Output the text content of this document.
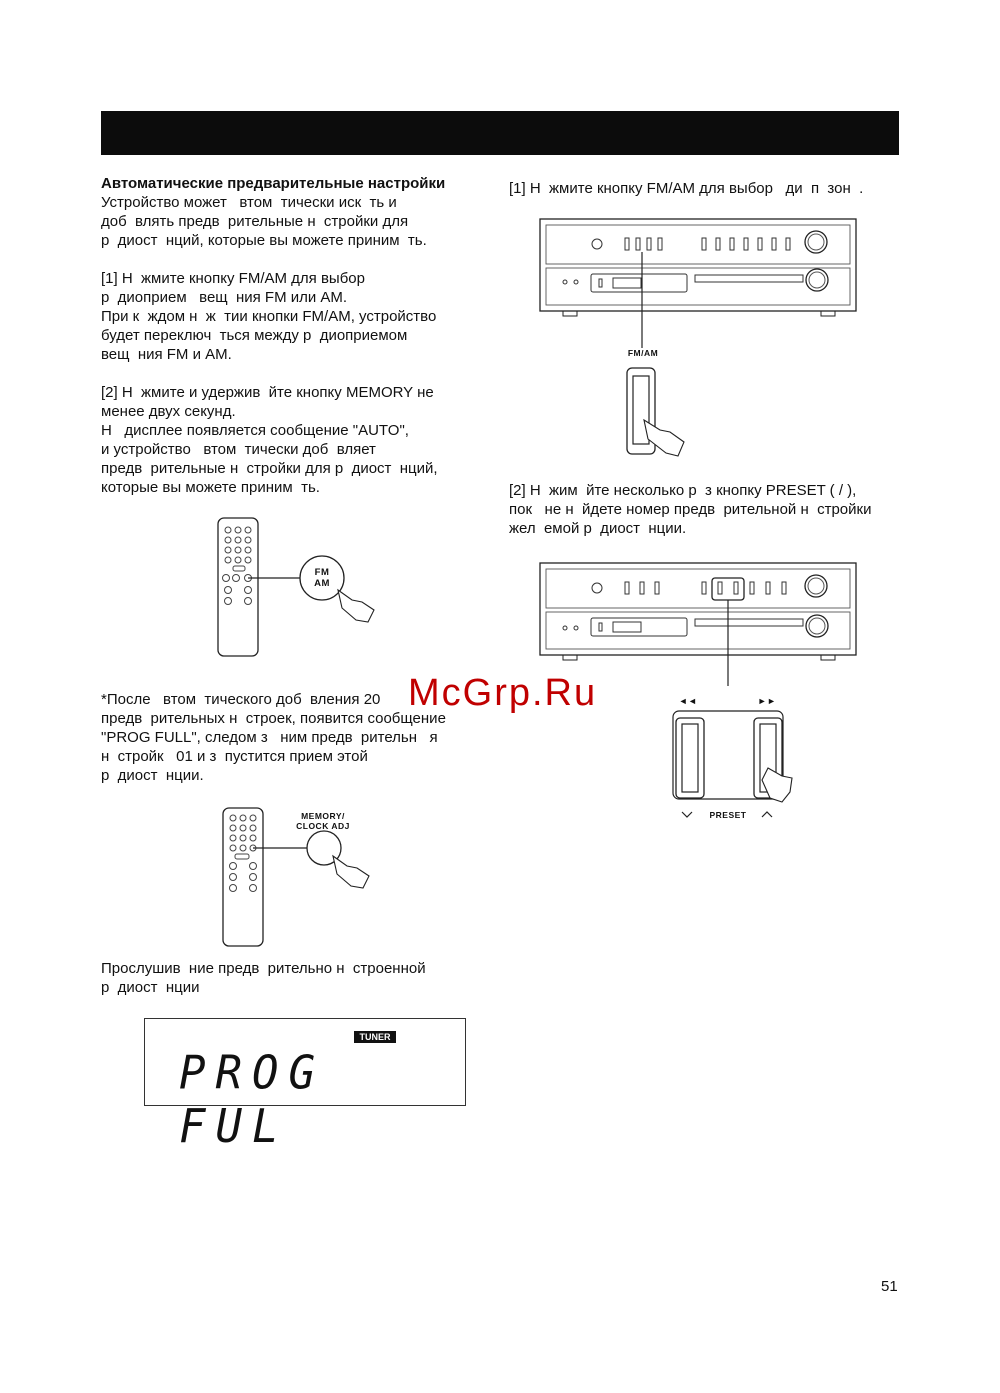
Автоматические предварительные настройки
Устройство может   втом  тически иск  ть и
доб  влять предв  рительные н  стройки для
р  диост  нций, которые вы можете приним  ть.
[1] Н  жмите кнопку FM/AM для выбор
р  диоприем   вещ  ния FM или AM.
При к  ждом н  ж  тии кнопки FM/AM, устройство
будет переключ  ться между р  диоприемом
вещ  ния FM и AM.
[2] Н  жмите и удержив  йте кнопку MEMORY не
менее двух секунд.
Н   дисплее появляется сообщение "AUTO",
и устройство   втом  тически доб  вляет
предв  рительные н  стройки для р  диост  нций,
которые вы можете приним  ть.
FM
AM
*После   втом  тического доб  вления 20
предв  рительных н  строек, появится сообщение
"PROG FULL", следом з   ним предв  рительн   я
н  стройк   01 и з  пустится прием этой
р  диост  нции.
MEMORY/
CLOCK ADJ
Прослушив  ние предв  рительно н  строенной
р  диост  нции
TUNER
PROG FUL
[1] Н  жмите кнопку FM/AM для выбор   ди  п  зон  .
FM/AM
[2] Н  жим  йте несколько р  з кнопку PRESET ( / ),
пок   не н  йдете номер предв  рительной н  стройки
жел  емой р  диост  нции.
◄◄	►►
PRESET
McGrp.Ru
51
